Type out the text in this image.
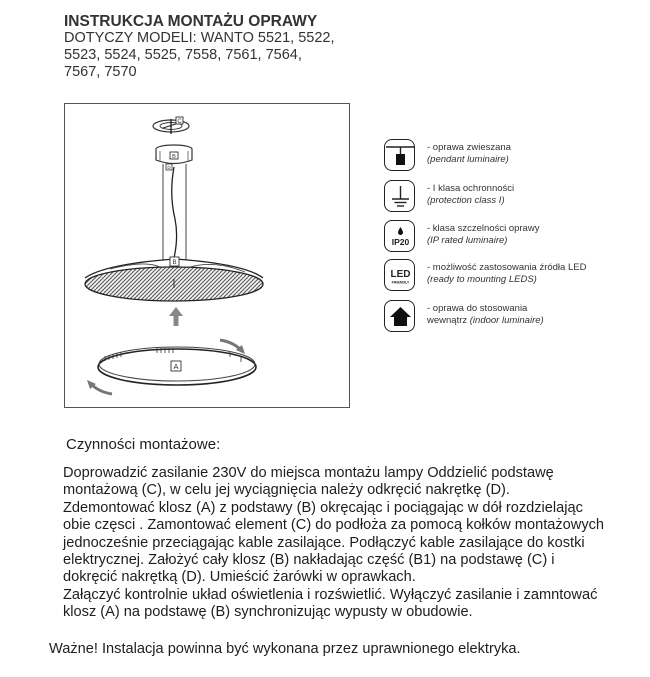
INSTRUKCJA MONTAŻU OPRAWY
DOTYCZY MODELI: WANTO 5521, 5522,
5523, 5524, 5525, 7558, 7561, 7564,
7567, 7570
C
B
D
B
A
- oprawa zwieszana
(pendant luminaire)
- I klasa ochronności
(protection class I)
IP20
- klasa szczelności oprawy
(IP rated luminaire)
LED
FRIENDLY
- możliwość zastosowania źródła LED
(ready to mounting LEDS)
- oprawa do stosowania
wewnątrz (indoor luminaire)
Czynności montażowe:
Doprowadzić zasilanie 230V do miejsca montażu lampy Oddzielić podstawę
montażową (C), w celu jej wyciągnięcia należy odkręcić nakrętkę (D).
Zdemontować klosz (A) z podstawy (B) okręcając i pociągając w dół rozdzielając
obie częsci . Zamontować element (C) do podłoża za pomocą kołków montażowych
jednocześnie przeciągając kable zasilające. Podłączyć kable zasilające do kostki
elektrycznej. Założyć cały klosz (B) nakładając część (B1) na podstawę (C) i
dokręcić nakrętką (D). Umieścić żarówki w oprawkach.
Załączyć kontrolnie układ oświetlenia i rozświetlić. Wyłączyć zasilanie i zamntować
klosz (A) na podstawę (B) synchronizując wypusty w obudowie.
Ważne! Instalacja powinna być wykonana przez uprawnionego elektryka.
